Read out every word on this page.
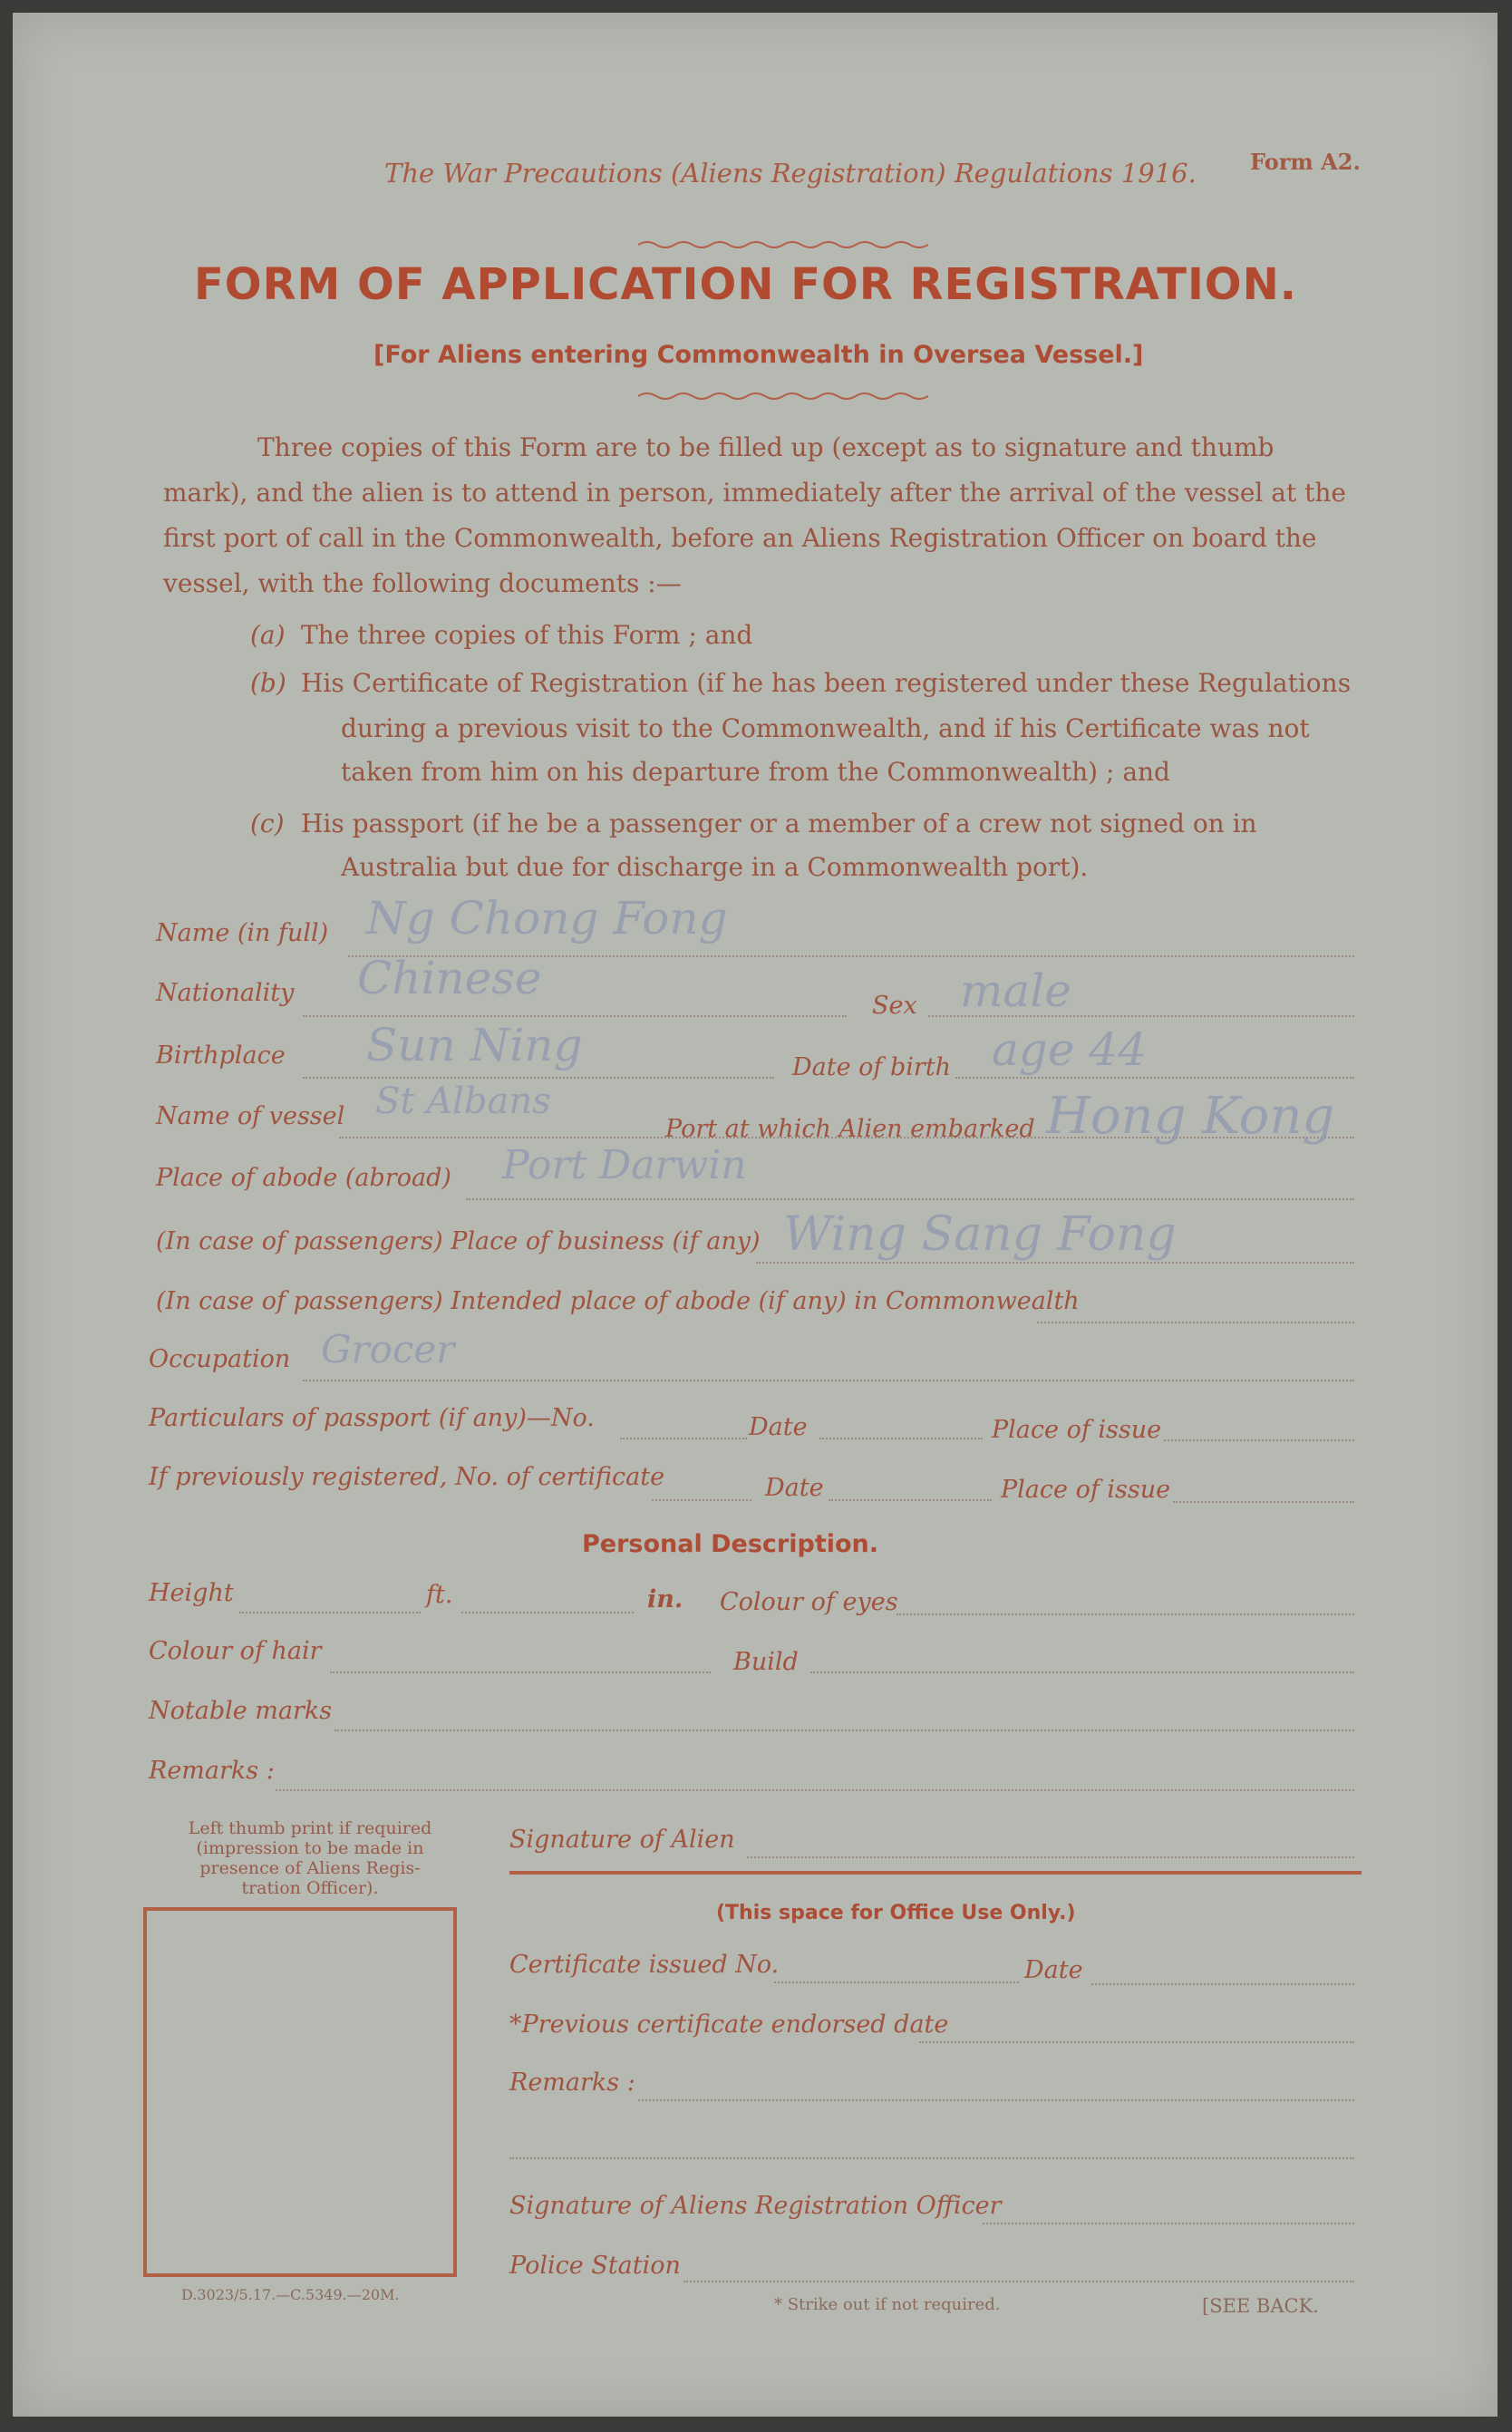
The War Precautions (Aliens Registration) Regulations 1916. Form A2.
FORM OF APPLICATION FOR REGISTRATION.
[For Aliens entering Commonwealth in Oversea Vessel.]
Three copies of this Form are to be filled up (except as to signature and thumb
mark), and the alien is to attend in person, immediately after the arrival of the vessel at the
first port of call in the Commonwealth, before an Aliens Registration Officer on board the
vessel, with the following documents :—
(a) The three copies of this Form ; and
(b) His Certificate of Registration (if he has been registered under these Regulations
during a previous visit to the Commonwealth, and if his Certificate was not
taken from him on his departure from the Commonwealth) ; and
(c) His passport (if he be a passenger or a member of a crew not signed on in
Australia but due for discharge in a Commonwealth port).
Name (in full) Ng Chong Fong
Nationality Chinese
Sex male
Birthplace Sun Ning	Date of birth age 44
Name of vessel St Albans
Port at which Alien embarked Hong Kong
Place of abode (abroad) Port Darwin
(In case of passengers) Place of business (if any) Wing Sang Fong
(In case of passengers) Intended place of abode (if any) in Commonwealth
Occupation Grocer
Particulars of passport (if any)—No.	Date	Place of issue
If previously registered, No. of certificate	Date	Place of issue
Personal Description.
Height	ft.	in. Colour of eyes
Colour of hair	Build
Notable marks
Remarks :
Left thumb print if required
(impression to be made in
presence of Aliens Regis-
tration Officer).
Signature of Alien
(This space for Office Use Only.)
Certificate issued No.	Date
*Previous certificate endorsed date
Remarks :
Signature of Aliens Registration Officer
Police Station
D.3023/5.17.—C.5349.—20M.
* Strike out if not required.	[SEE BACK.
